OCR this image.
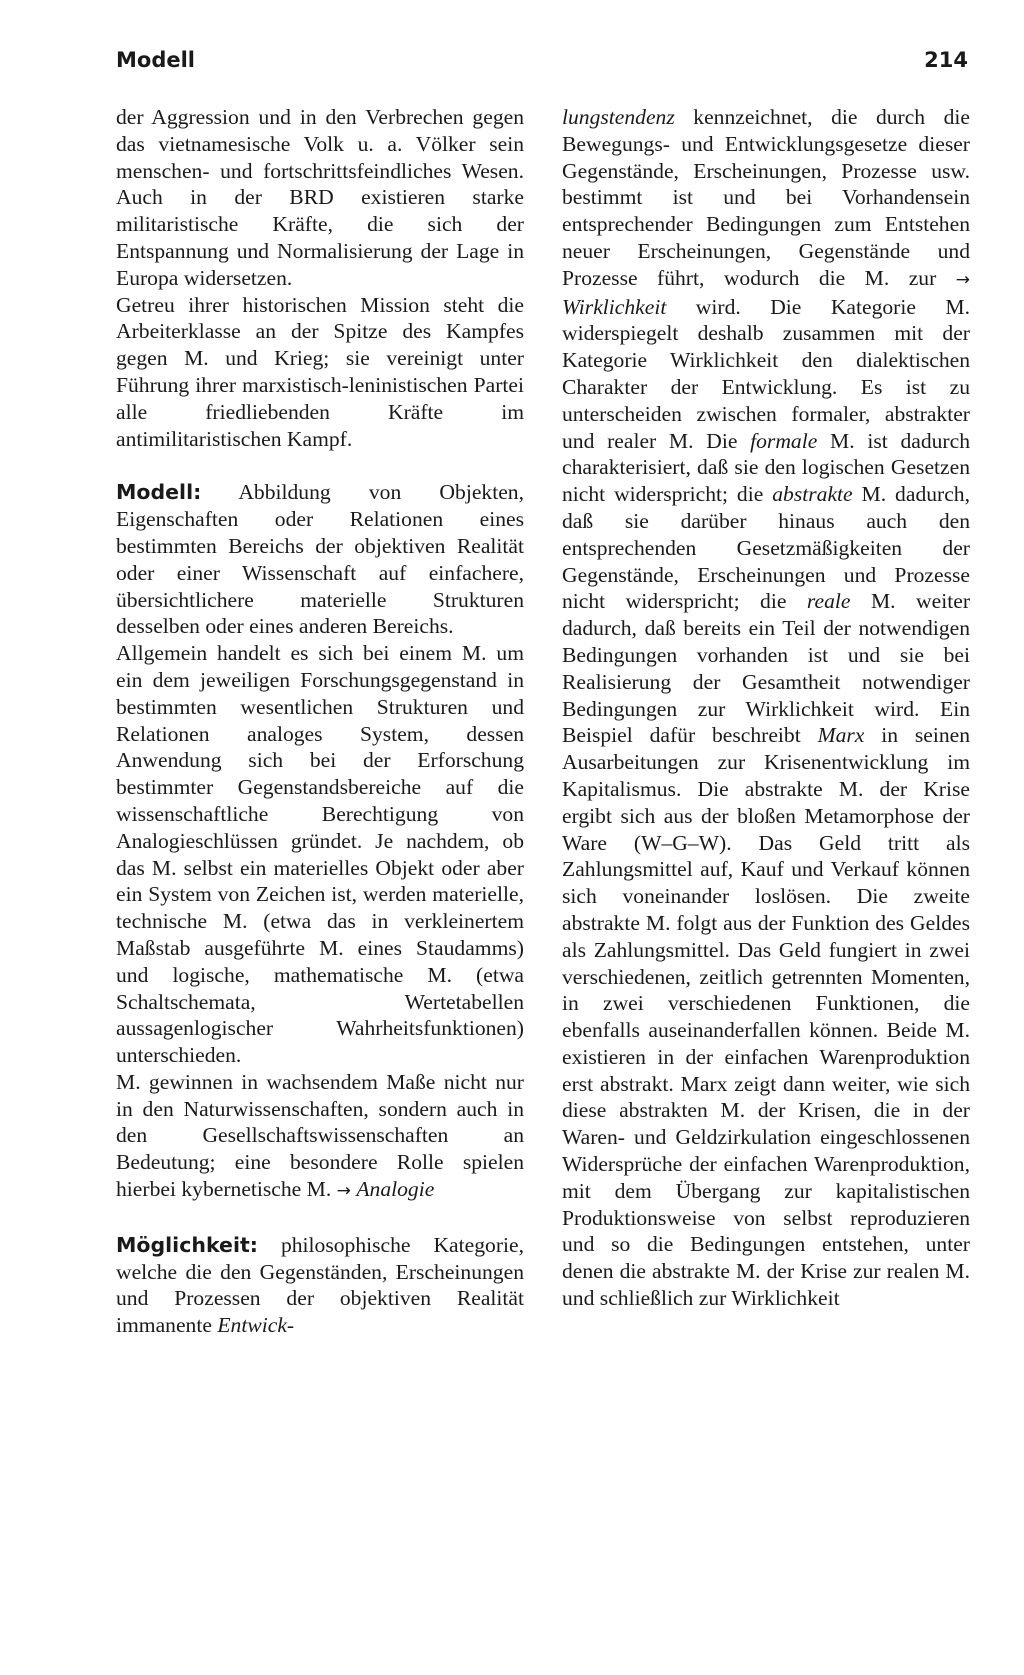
Modell	214

der Aggression und in den Verbrechen gegen das vietnamesische Volk u. a. Völker sein menschen- und fortschrittsfeindliches Wesen. Auch in der BRD existieren starke militaristische Kräfte, die sich der Entspannung und Normalisierung der Lage in Europa widersetzen.

Getreu ihrer historischen Mission steht die Arbeiterklasse an der Spitze des Kampfes gegen M. und Krieg; sie vereinigt unter Führung ihrer marxistisch-leninistischen Partei alle friedliebenden Kräfte im antimilitaristischen Kampf.

Modell: Abbildung von Objekten, Eigenschaften oder Relationen eines bestimmten Bereichs der objektiven Realität oder einer Wissenschaft auf einfachere, übersichtlichere materielle Strukturen desselben oder eines anderen Bereichs.

Allgemein handelt es sich bei einem M. um ein dem jeweiligen Forschungsgegenstand in bestimmten wesentlichen Strukturen und Relationen analoges System, dessen Anwendung sich bei der Erforschung bestimmter Gegenstandsbereiche auf die wissenschaftliche Berechtigung von Analogieschlüssen gründet. Je nachdem, ob das M. selbst ein materielles Objekt oder aber ein System von Zeichen ist, werden materielle, technische M. (etwa das in verkleinertem Maßstab ausgeführte M. eines Staudamms) und logische, mathematische M. (etwa Schaltschemata, Wertetabellen aussagenlogischer Wahrheitsfunktionen) unterschieden.

M. gewinnen in wachsendem Maße nicht nur in den Naturwissenschaften, sondern auch in den Gesellschaftswissenschaften an Bedeutung; eine besondere Rolle spielen hierbei kybernetische M. → Analogie

Möglichkeit: philosophische Kategorie, welche die den Gegenständen, Erscheinungen und Prozessen der objektiven Realität immanente Entwick-

lungstendenz kennzeichnet, die durch die Bewegungs- und Entwicklungsgesetze dieser Gegenstände, Erscheinungen, Prozesse usw. bestimmt ist und bei Vorhandensein entsprechender Bedingungen zum Entstehen neuer Erscheinungen, Gegenstände und Prozesse führt, wodurch die M. zur → Wirklichkeit wird. Die Kategorie M. widerspiegelt deshalb zusammen mit der Kategorie Wirklichkeit den dialektischen Charakter der Entwicklung. Es ist zu unterscheiden zwischen formaler, abstrakter und realer M. Die formale M. ist dadurch charakterisiert, daß sie den logischen Gesetzen nicht widerspricht; die abstrakte M. dadurch, daß sie darüber hinaus auch den entsprechenden Gesetzmäßigkeiten der Gegenstände, Erscheinungen und Prozesse nicht widerspricht; die reale M. weiter dadurch, daß bereits ein Teil der notwendigen Bedingungen vorhanden ist und sie bei Realisierung der Gesamtheit notwendiger Bedingungen zur Wirklichkeit wird. Ein Beispiel dafür beschreibt Marx in seinen Ausarbeitungen zur Krisenentwicklung im Kapitalismus. Die abstrakte M. der Krise ergibt sich aus der bloßen Metamorphose der Ware (W–G–W). Das Geld tritt als Zahlungsmittel auf, Kauf und Verkauf können sich voneinander loslösen. Die zweite abstrakte M. folgt aus der Funktion des Geldes als Zahlungsmittel. Das Geld fungiert in zwei verschiedenen, zeitlich getrennten Momenten, in zwei verschiedenen Funktionen, die ebenfalls auseinanderfallen können. Beide M. existieren in der einfachen Warenproduktion erst abstrakt. Marx zeigt dann weiter, wie sich diese abstrakten M. der Krisen, die in der Waren- und Geldzirkulation eingeschlossenen Widersprüche der einfachen Warenproduktion, mit dem Übergang zur kapitalistischen Produktionsweise von selbst reproduzieren und so die Bedingungen entstehen, unter denen die abstrakte M. der Krise zur realen M. und schließlich zur Wirklichkeit
